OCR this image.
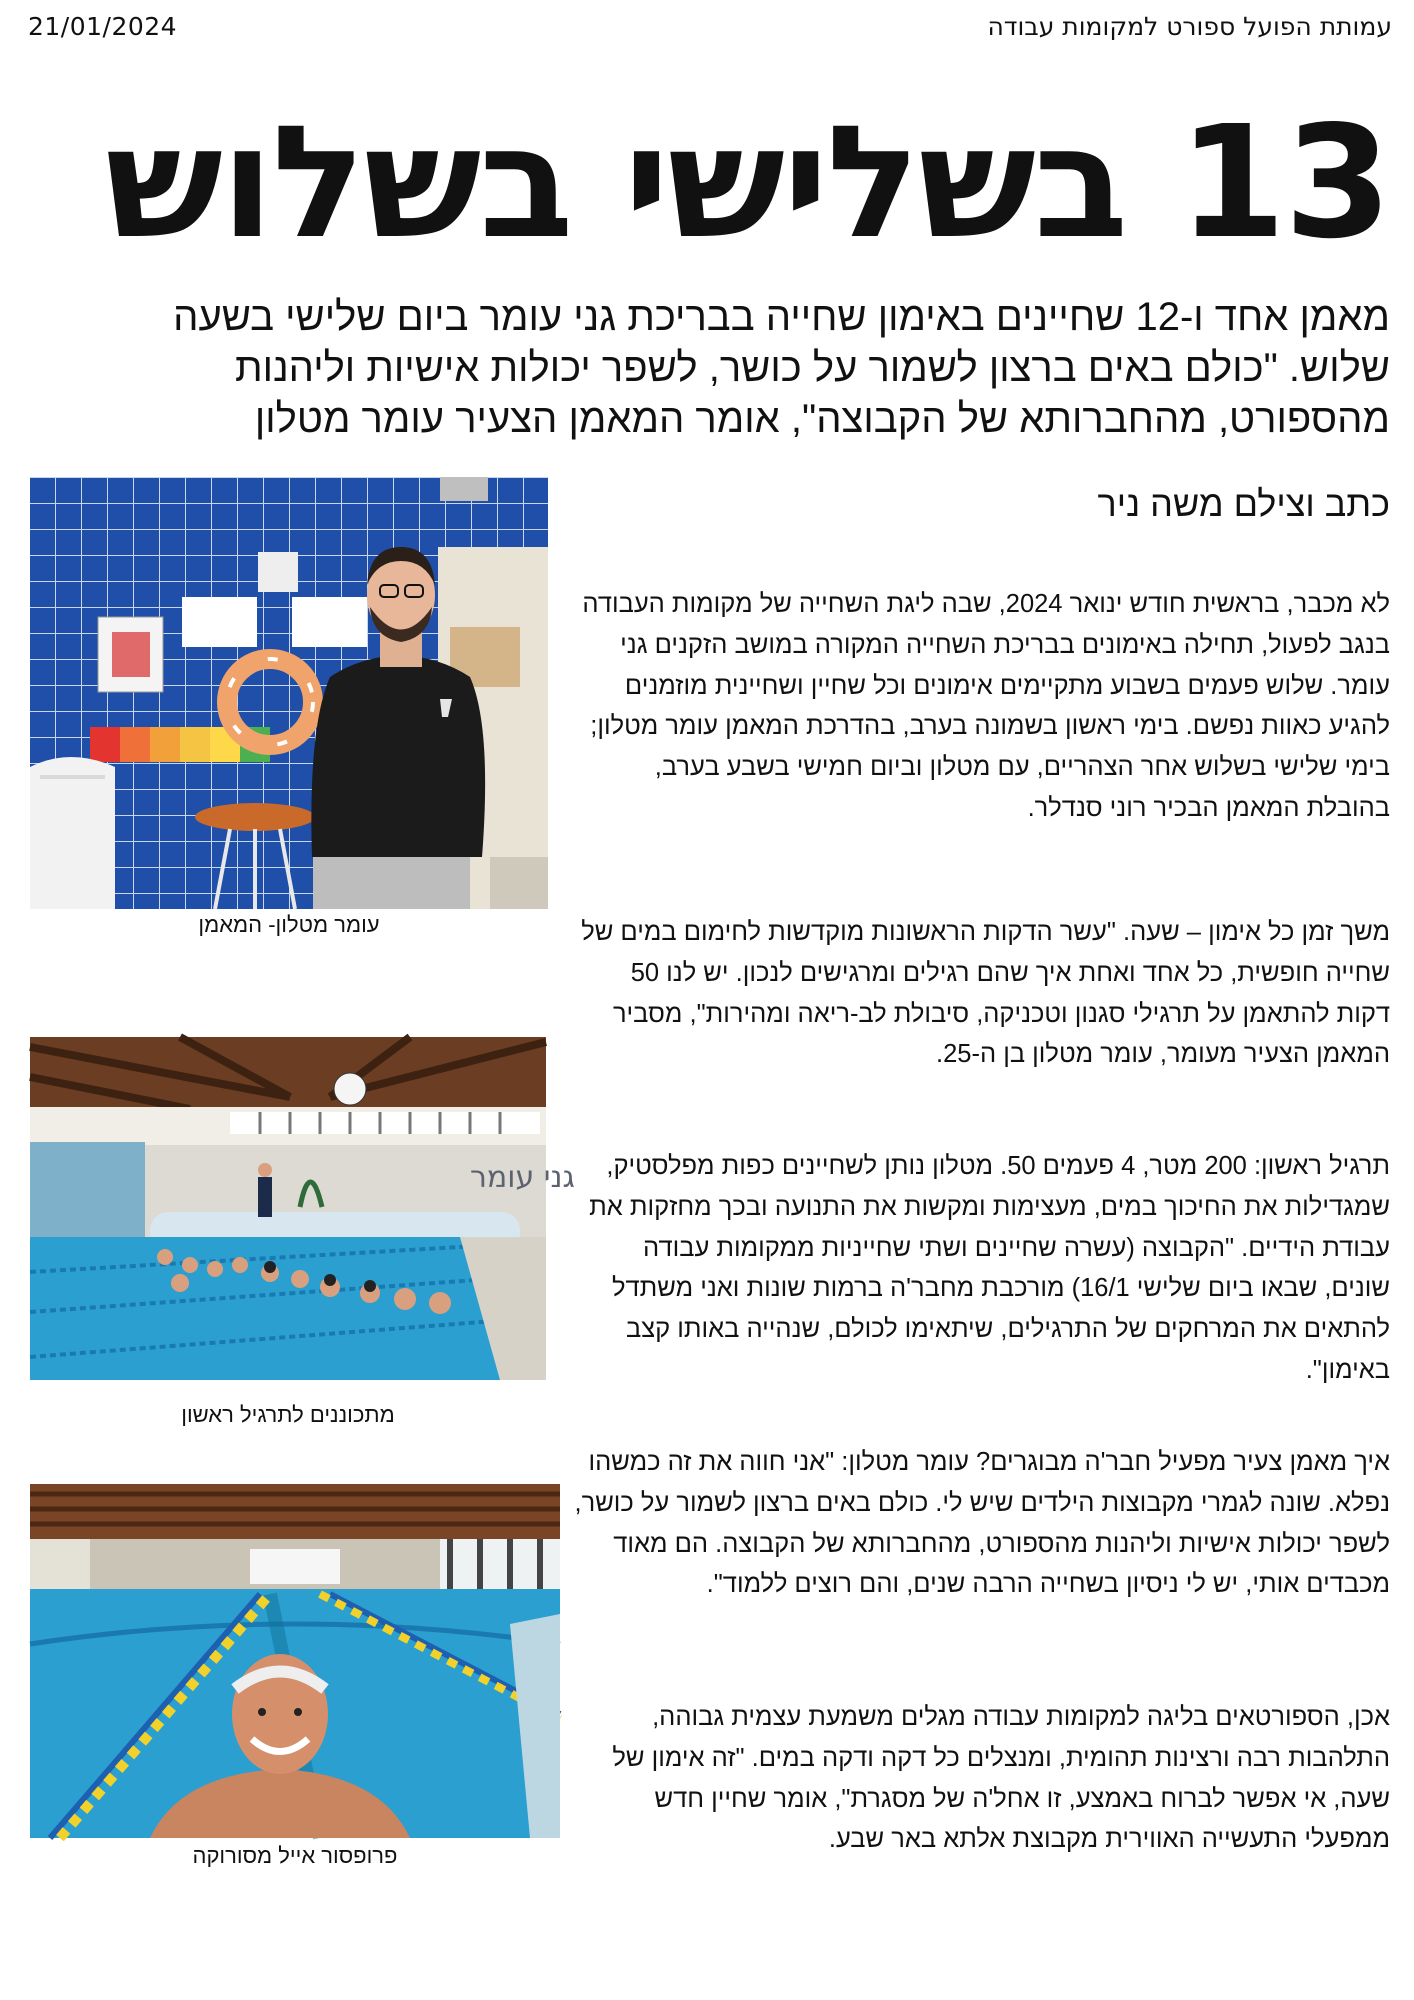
21/01/2024	עמותת הפועל ספורט למקומות עבודה
13 בשלישי בשלוש
מאמן אחד ו-12 שחיינים באימון שחייה בבריכת גני עומר ביום שלישי בשעה שלוש. "כולם באים ברצון לשמור על כושר, לשפר יכולות אישיות וליהנות מהספורט, מהחברותא של הקבוצה", אומר המאמן הצעיר עומר מטלון
כתב וצילם משה ניר
לא מכבר, בראשית חודש ינואר 2024, שבה ליגת השחייה של מקומות העבודה בנגב לפעול, תחילה באימונים בבריכת השחייה המקורה במושב הזקנים גני עומר. שלוש פעמים בשבוע מתקיימים אימונים וכל שחיין ושחיינית מוזמנים להגיע כאוות נפשם. בימי ראשון בשמונה בערב, בהדרכת המאמן עומר מטלון; בימי שלישי בשלוש אחר הצהריים, עם מטלון וביום חמישי בשבע בערב, בהובלת המאמן הבכיר רוני סנדלר.
משך זמן כל אימון – שעה. "עשר הדקות הראשונות מוקדשות לחימום במים של שחייה חופשית, כל אחד ואחת איך שהם רגילים ומרגישים לנכון. יש לנו 50 דקות להתאמן על תרגילי סגנון וטכניקה, סיבולת לב-ריאה ומהירות", מסביר המאמן הצעיר מעומר, עומר מטלון בן ה-25.
תרגיל ראשון: 200 מטר, 4 פעמים 50. מטלון נותן לשחיינים כפות מפלסטיק, שמגדילות את החיכוך במים, מעצימות ומקשות את התנועה ובכך מחזקות את עבודת הידיים. "הקבוצה (עשרה שחיינים ושתי שחייניות ממקומות עבודה שונים, שבאו ביום שלישי 16/1) מורכבת מחבר'ה ברמות שונות ואני משתדל להתאים את המרחקים של התרגילים, שיתאימו לכולם, שנהייה באותו קצב באימון".
איך מאמן צעיר מפעיל חבר'ה מבוגרים? עומר מטלון: "אני חווה את זה כמשהו נפלא. שונה לגמרי מקבוצות הילדים שיש לי. כולם באים ברצון לשמור על כושר, לשפר יכולות אישיות וליהנות מהספורט, מהחברותא של הקבוצה. הם מאוד מכבדים אותי, יש לי ניסיון בשחייה הרבה שנים, והם רוצים ללמוד".
אכן, הספורטאים בליגה למקומות עבודה מגלים משמעת עצמית גבוהה, התלהבות רבה ורצינות תהומית, ומנצלים כל דקה ודקה במים. "זה אימון של שעה, אי אפשר לברוח באמצע, זו אחל'ה של מסגרת", אומר שחיין חדש ממפעלי התעשייה האווירית מקבוצת אלתא באר שבע.
עומר מטלון- המאמן
גני עומר
מתכוננים לתרגיל ראשון
פרופסור אייל מסורוקה
